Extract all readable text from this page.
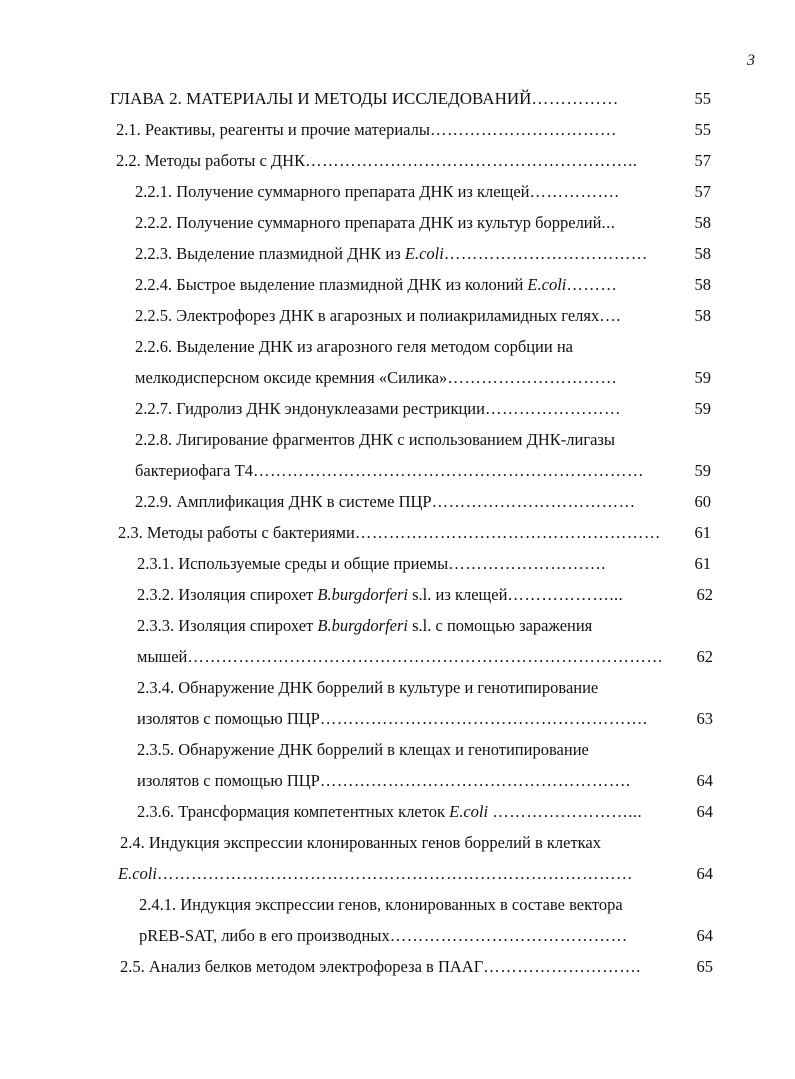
3
ГЛАВА 2. МАТЕРИАЛЫ И МЕТОДЫ ИССЛЕДОВАНИЙ……………	55
2.1. Реактивы, реагенты и прочие материалы……………………………	55
2.2. Методы работы с ДНК…………………………………………………..	57
2.2.1. Получение суммарного препарата ДНК из клещей…………….	57
2.2.2. Получение суммарного препарата ДНК из культур боррелий...	58
2.2.3. Выделение плазмидной ДНК из E.coli………………………………	58
2.2.4. Быстрое выделение плазмидной ДНК из колоний E.coli………	58
2.2.5. Электрофорез ДНК в агарозных и полиакриламидных гелях….	58
2.2.6. Выделение ДНК из агарозного геля методом сорбции на
мелкодисперсном оксиде кремния «Силика»…………………………	59
2.2.7. Гидролиз ДНК эндонуклеазами рестрикции……………………	59
2.2.8. Лигирование фрагментов ДНК с использованием ДНК-лигазы
бактериофага Т4……………………………………………………………	59
2.2.9. Амплификация ДНК в системе ПЦР………………………………	60
2.3. Методы работы с бактериями………………………………………………	61
2.3.1. Используемые среды и общие приемы……………………….	61
2.3.2. Изоляция спирохет B.burgdorferi s.l. из клещей………………...	62
2.3.3. Изоляция спирохет B.burgdorferi s.l. с помощью заражения
мышей…………………………………………………………………………	62
2.3.4. Обнаружение ДНК боррелий в культуре и генотипирование
изолятов с помощью ПЦР………………………………………………….	63
2.3.5. Обнаружение ДНК боррелий в клещах и генотипирование
изолятов с помощью ПЦР……………………………………………….	64
2.3.6. Трансформация компетентных клеток E.coli ……………………...	64
2.4. Индукция экспрессии клонированных генов боррелий в клетках
E.coli…………………………………………………………………………	64
2.4.1. Индукция экспрессии генов, клонированных в составе вектора
pREB-SAT, либо в его производных……………………………………	64
2.5. Анализ белков методом электрофореза в ПААГ……………………….	65
